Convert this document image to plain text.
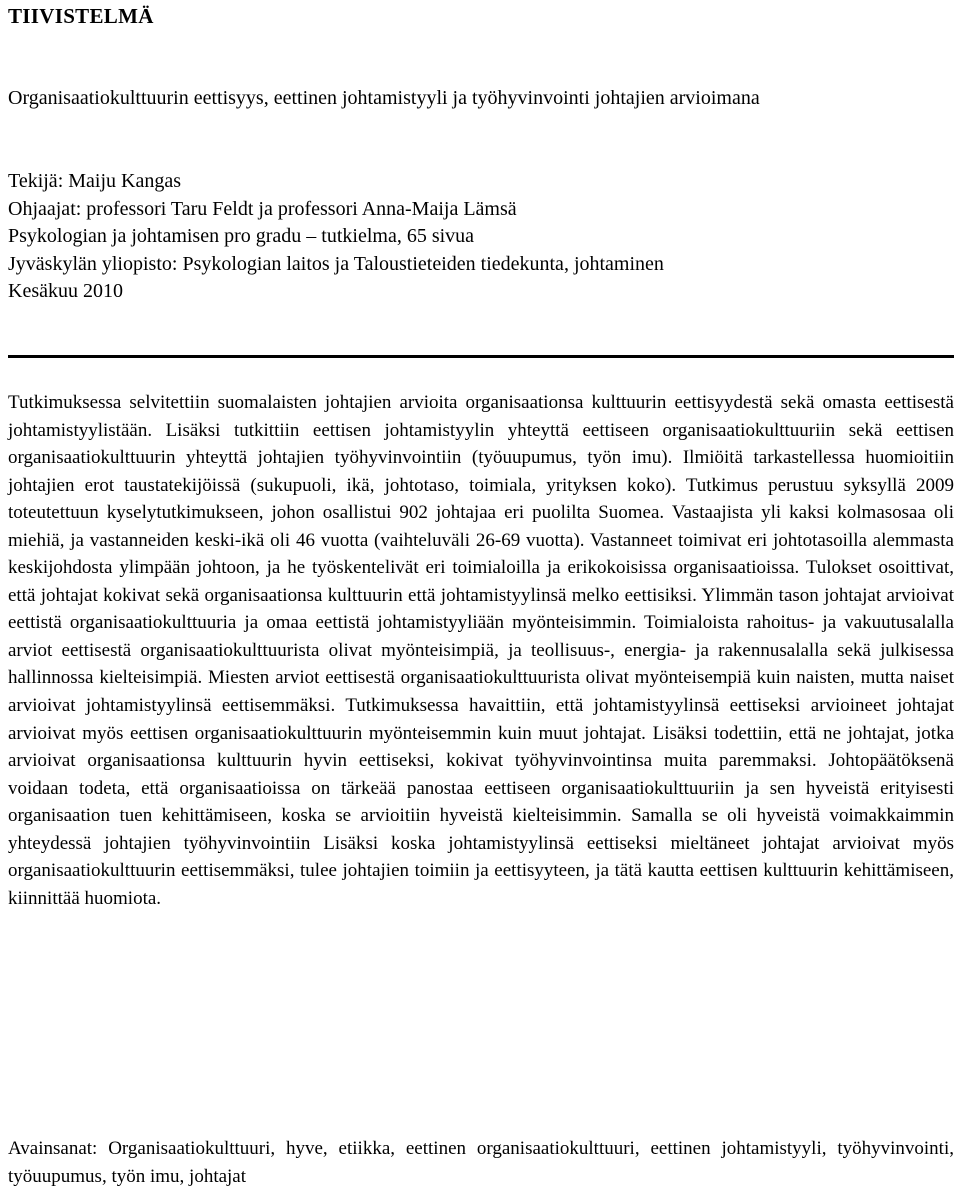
TIIVISTELMÄ

Organisaatiokulttuurin eettisyys, eettinen johtamistyyli ja työhyvinvointi johtajien arvioimana

Tekijä: Maiju Kangas
Ohjaajat: professori Taru Feldt ja professori Anna-Maija Lämsä
Psykologian ja johtamisen pro gradu – tutkielma, 65 sivua
Jyväskylän yliopisto: Psykologian laitos ja Taloustieteiden tiedekunta, johtaminen
Kesäkuu 2010

Tutkimuksessa selvitettiin suomalaisten johtajien arvioita organisaationsa kulttuurin eettisyydestä sekä omasta eettisestä johtamistyylistään. Lisäksi tutkittiin eettisen johtamistyylin yhteyttä eettiseen organisaatiokulttuuriin sekä eettisen organisaatiokulttuurin yhteyttä johtajien työhyvinvointiin (työuupumus, työn imu). Ilmiöitä tarkastellessa huomioitiin johtajien erot taustatekijöissä (sukupuoli, ikä, johtotaso, toimiala, yrityksen koko). Tutkimus perustuu syksyllä 2009 toteutettuun kyselytutkimukseen, johon osallistui 902 johtajaa eri puolilta Suomea. Vastaajista yli kaksi kolmasosaa oli miehiä, ja vastanneiden keski-ikä oli 46 vuotta (vaihteluväli 26-69 vuotta). Vastanneet toimivat eri johtotasoilla alemmasta keskijohdosta ylimpään johtoon, ja he työskentelivät eri toimialoilla ja erikokoisissa organisaatioissa. Tulokset osoittivat, että johtajat kokivat sekä organisaationsa kulttuurin että johtamistyylinsä melko eettisiksi. Ylimmän tason johtajat arvioivat eettistä organisaatiokulttuuria ja omaa eettistä johtamistyyliään myönteisimmin. Toimialoista rahoitus- ja vakuutusalalla arviot eettisestä organisaatiokulttuurista olivat myönteisimpiä, ja teollisuus-, energia- ja rakennusalalla sekä julkisessa hallinnossa kielteisimpiä. Miesten arviot eettisestä organisaatiokulttuurista olivat myönteisempiä kuin naisten, mutta naiset arvioivat johtamistyylinsä eettisemmäksi. Tutkimuksessa havaittiin, että johtamistyylinsä eettiseksi arvioineet johtajat arvioivat myös eettisen organisaatiokulttuurin myönteisemmin kuin muut johtajat. Lisäksi todettiin, että ne johtajat, jotka arvioivat organisaationsa kulttuurin hyvin eettiseksi, kokivat työhyvinvointinsa muita paremmaksi. Johtopäätöksenä voidaan todeta, että organisaatioissa on tärkeää panostaa eettiseen organisaatiokulttuuriin ja sen hyveistä erityisesti organisaation tuen kehittämiseen, koska se arvioitiin hyveistä kielteisimmin. Samalla se oli hyveistä voimakkaimmin yhteydessä johtajien työhyvinvointiin Lisäksi koska johtamistyylinsä eettiseksi mieltäneet johtajat arvioivat myös organisaatiokulttuurin eettisemmäksi, tulee johtajien toimiin ja eettisyyteen, ja tätä kautta eettisen kulttuurin kehittämiseen, kiinnittää huomiota.

Avainsanat: Organisaatiokulttuuri, hyve, etiikka, eettinen organisaatiokulttuuri, eettinen johtamistyyli, työhyvinvointi, työuupumus, työn imu, johtajat
